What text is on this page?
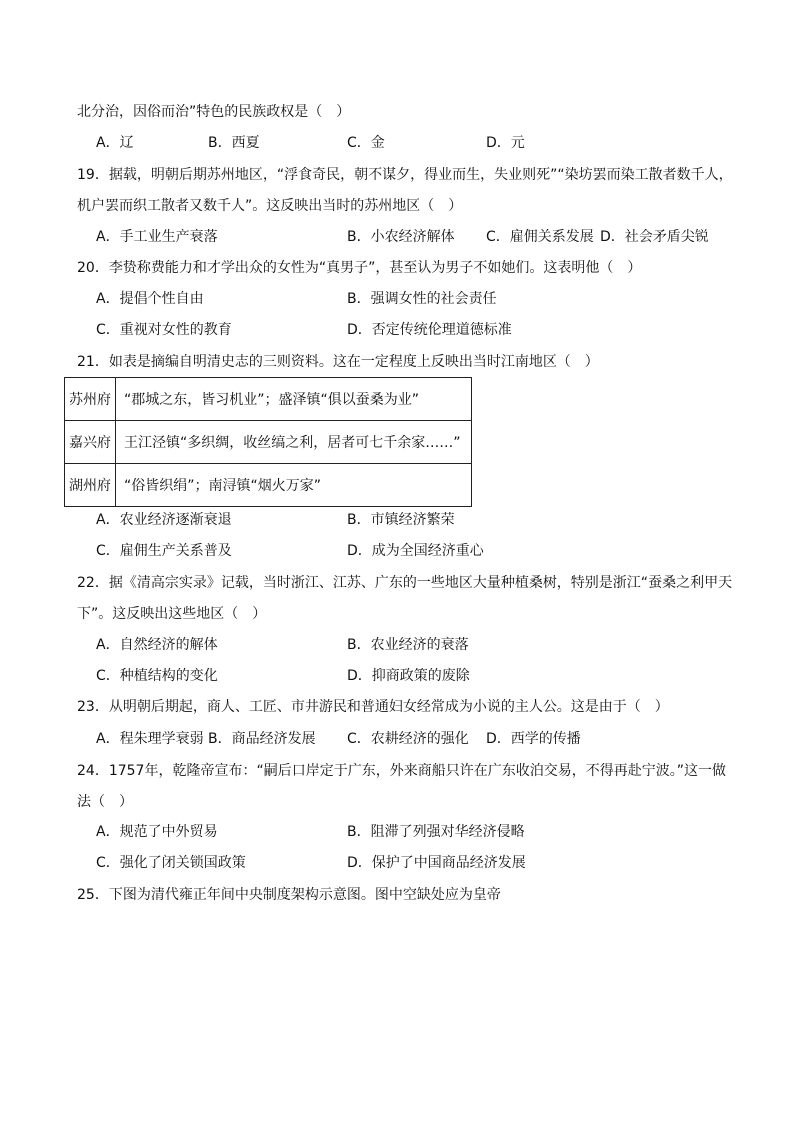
北分治，因俗而治”特色的民族政权是（　）
A．辽	B．西夏	C．金	D．元
19．据载，明朝后期苏州地区，“浮食奇民，朝不谋夕，得业而生，失业则死”“染坊罢而染工散者数千人，
机户罢而织工散者又数千人”。这反映出当时的苏州地区（　）
A．手工业生产衰落	B．小农经济解体 C．雇佣关系发展 D．社会矛盾尖锐
20．李贽称费能力和才学出众的女性为“真男子”，甚至认为男子不如她们。这表明他（　）
A．提倡个性自由	B．强调女性的社会责任
C．重视对女性的教育	D．否定传统伦理道德标准
21．如表是摘编自明清史志的三则资料。这在一定程度上反映出当时江南地区（　）
苏州府	“郡城之东，皆习机业”；盛泽镇“俱以蚕桑为业”
嘉兴府	王江泾镇“多织绸，收丝缟之利，居者可七千余家……”
湖州府	“俗皆织绢”；南浔镇“烟火万家”
A．农业经济逐渐衰退	B．市镇经济繁荣
C．雇佣生产关系普及	D．成为全国经济重心
22．据《清高宗实录》记载，当时浙江、江苏、广东的一些地区大量种植桑树，特别是浙江“蚕桑之利甲天
下”。这反映出这些地区（　）
A．自然经济的解体	B．农业经济的衰落
C．种植结构的变化	D．抑商政策的废除
23．从明朝后期起，商人、工匠、市井游民和普通妇女经常成为小说的主人公。这是由于（　）
A．程朱理学衰弱 B．商品经济发展 C．农耕经济的强化 D．西学的传播
24．1757年，乾隆帝宣布：“嗣后口岸定于广东，外来商船只许在广东收泊交易，不得再赴宁波。”这一做
法（　）
A．规范了中外贸易	B．阻滞了列强对华经济侵略
C．强化了闭关锁国政策	D．保护了中国商品经济发展
25．下图为清代雍正年间中央制度架构示意图。图中空缺处应为皇帝
